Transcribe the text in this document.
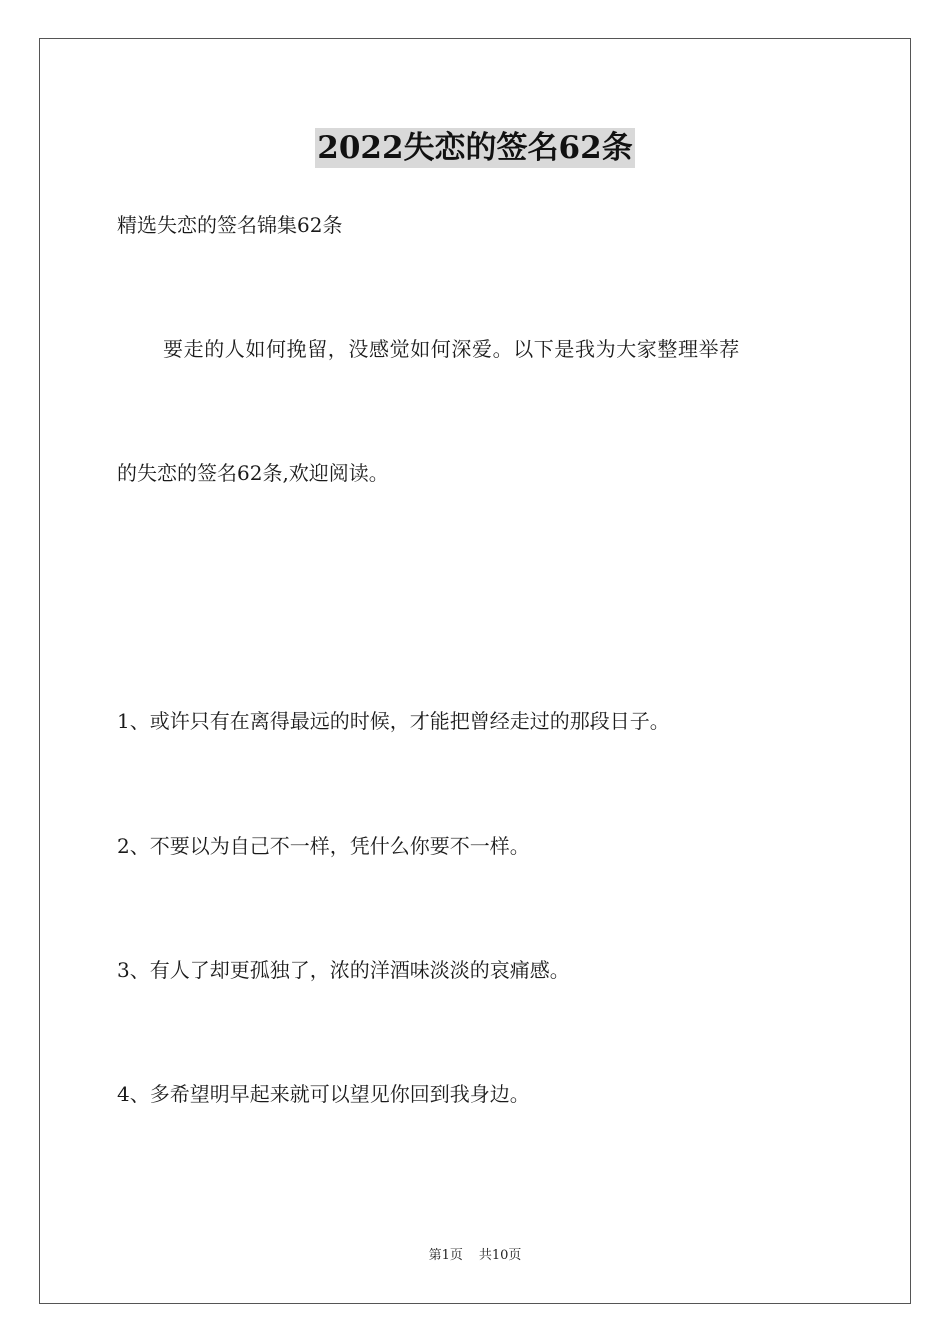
2022失恋的签名62条
精选失恋的签名锦集62条
要走的人如何挽留，没感觉如何深爱。以下是我为大家整理举荐
的失恋的签名62条,欢迎阅读。
1、或许只有在离得最远的时候，才能把曾经走过的那段日子。
2、不要以为自己不一样，凭什么你要不一样。
3、有人了却更孤独了，浓的洋酒味淡淡的哀痛感。
4、多希望明早起来就可以望见你回到我身边。
第1页 共10页
